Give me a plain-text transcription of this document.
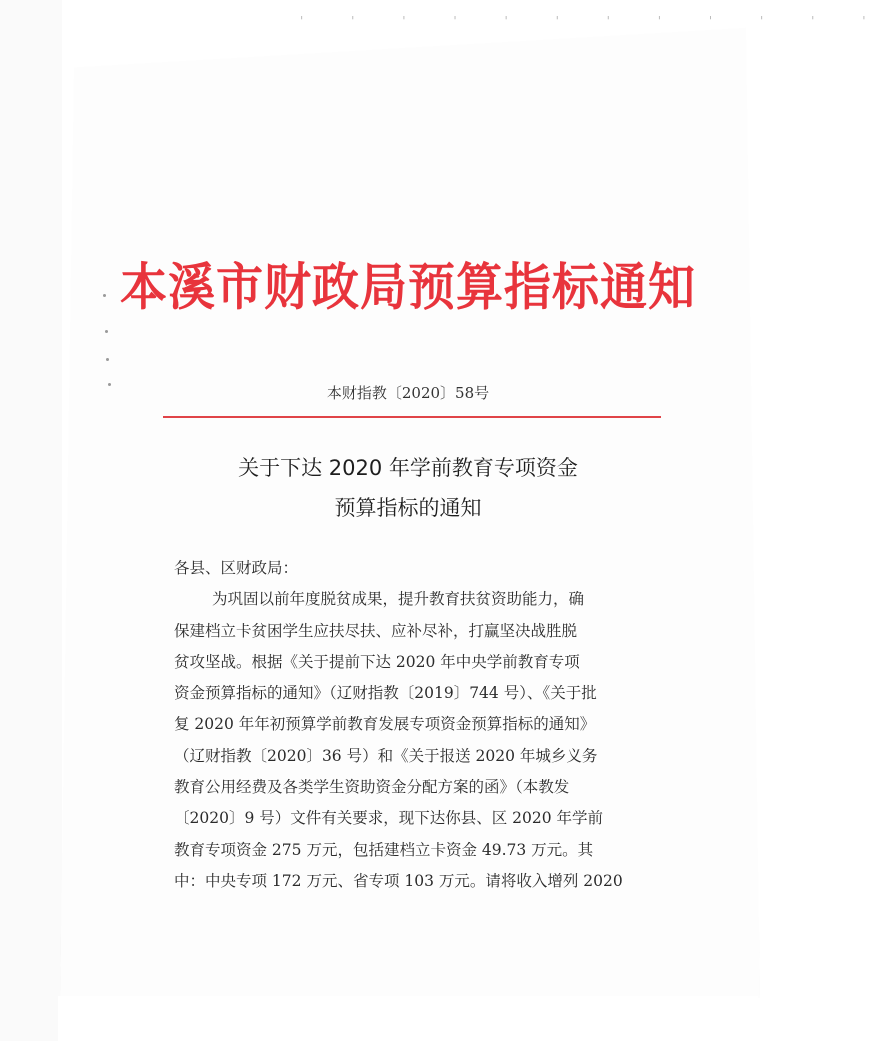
' ' ' ' ' ' ' ' ' ' ' '
本溪市财政局预算指标通知
本财指教〔2020〕58号
关于下达 2020 年学前教育专项资金
预算指标的通知
各县、区财政局：
为巩固以前年度脱贫成果，提升教育扶贫资助能力，确
保建档立卡贫困学生应扶尽扶、应补尽补，打赢坚决战胜脱
贫攻坚战。根据《关于提前下达 2020 年中央学前教育专项
资金预算指标的通知》（辽财指教〔2019〕744 号）、《关于批
复 2020 年年初预算学前教育发展专项资金预算指标的通知》
（辽财指教〔2020〕36 号）和《关于报送 2020 年城乡义务
教育公用经费及各类学生资助资金分配方案的函》（本教发
〔2020〕9 号）文件有关要求，现下达你县、区 2020 年学前
教育专项资金 275 万元，包括建档立卡资金 49.73 万元。其
中：中央专项 172 万元、省专项 103 万元。请将收入增列 2020
